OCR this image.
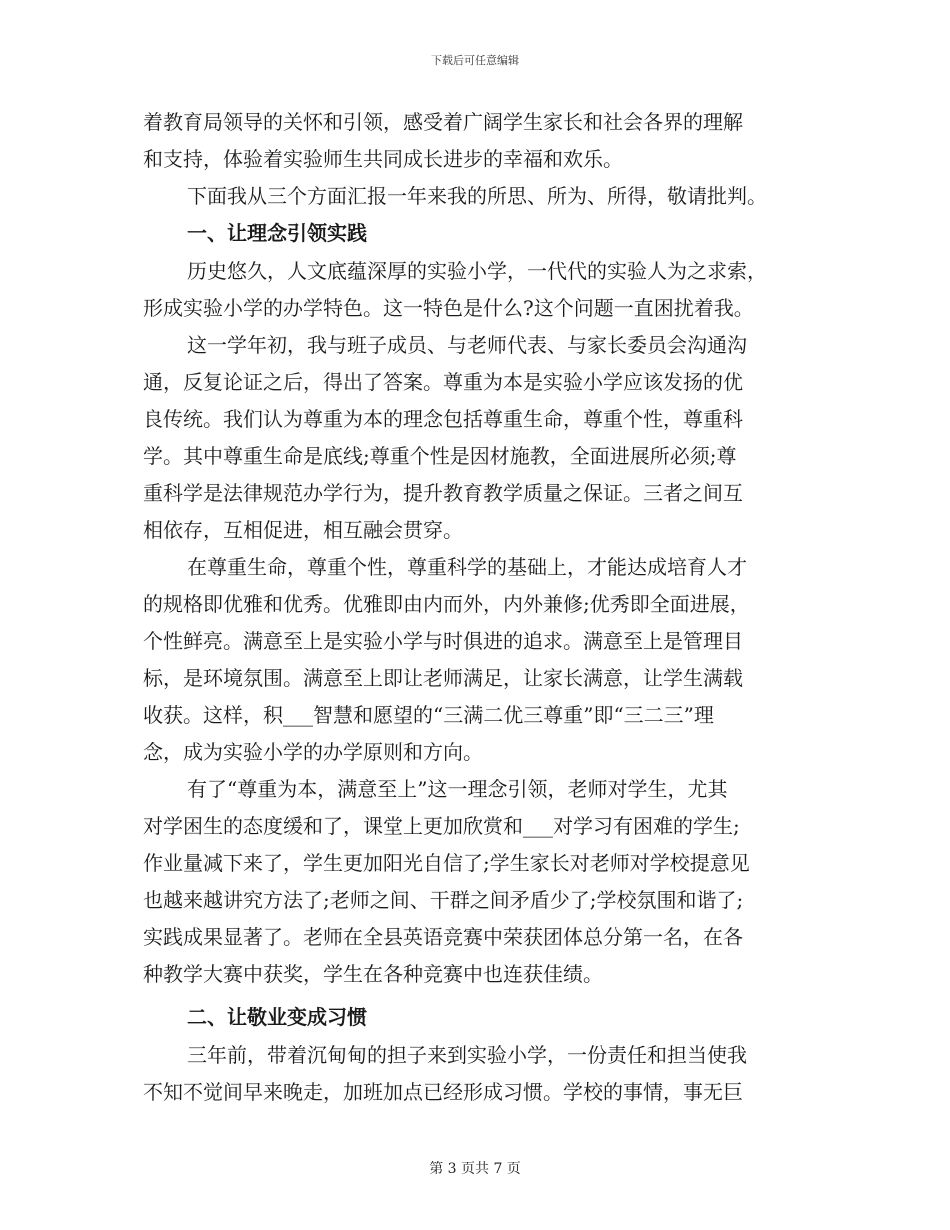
下载后可任意编辑
着教育局领导的关怀和引领，感受着广阔学生家长和社会各界的理解
和支持，体验着实验师生共同成长进步的幸福和欢乐。
下面我从三个方面汇报一年来我的所思、所为、所得，敬请批判。
一、让理念引领实践
历史悠久，人文底蕴深厚的实验小学，一代代的实验人为之求索，
形成实验小学的办学特色。这一特色是什么?这个问题一直困扰着我。
这一学年初，我与班子成员、与老师代表、与家长委员会沟通沟
通，反复论证之后，得出了答案。尊重为本是实验小学应该发扬的优
良传统。我们认为尊重为本的理念包括尊重生命，尊重个性，尊重科
学。其中尊重生命是底线;尊重个性是因材施教，全面进展所必须;尊
重科学是法律规范办学行为，提升教育教学质量之保证。三者之间互
相依存，互相促进，相互融会贯穿。
在尊重生命，尊重个性，尊重科学的基础上，才能达成培育人才
的规格即优雅和优秀。优雅即由内而外，内外兼修;优秀即全面进展，
个性鲜亮。满意至上是实验小学与时俱进的追求。满意至上是管理目
标，是环境氛围。满意至上即让老师满足，让家长满意，让学生满载
收获。这样，积___智慧和愿望的“三满二优三尊重”即“三二三”理
念，成为实验小学的办学原则和方向。
有了“尊重为本，满意至上”这一理念引领，老师对学生，尤其
对学困生的态度缓和了，课堂上更加欣赏和___对学习有困难的学生;
作业量减下来了，学生更加阳光自信了;学生家长对老师对学校提意见
也越来越讲究方法了;老师之间、干群之间矛盾少了;学校氛围和谐了;
实践成果显著了。老师在全县英语竞赛中荣获团体总分第一名，在各
种教学大赛中获奖，学生在各种竞赛中也连获佳绩。
二、让敬业变成习惯
三年前，带着沉甸甸的担子来到实验小学，一份责任和担当使我
不知不觉间早来晚走，加班加点已经形成习惯。学校的事情，事无巨
第 3 页共 7 页
